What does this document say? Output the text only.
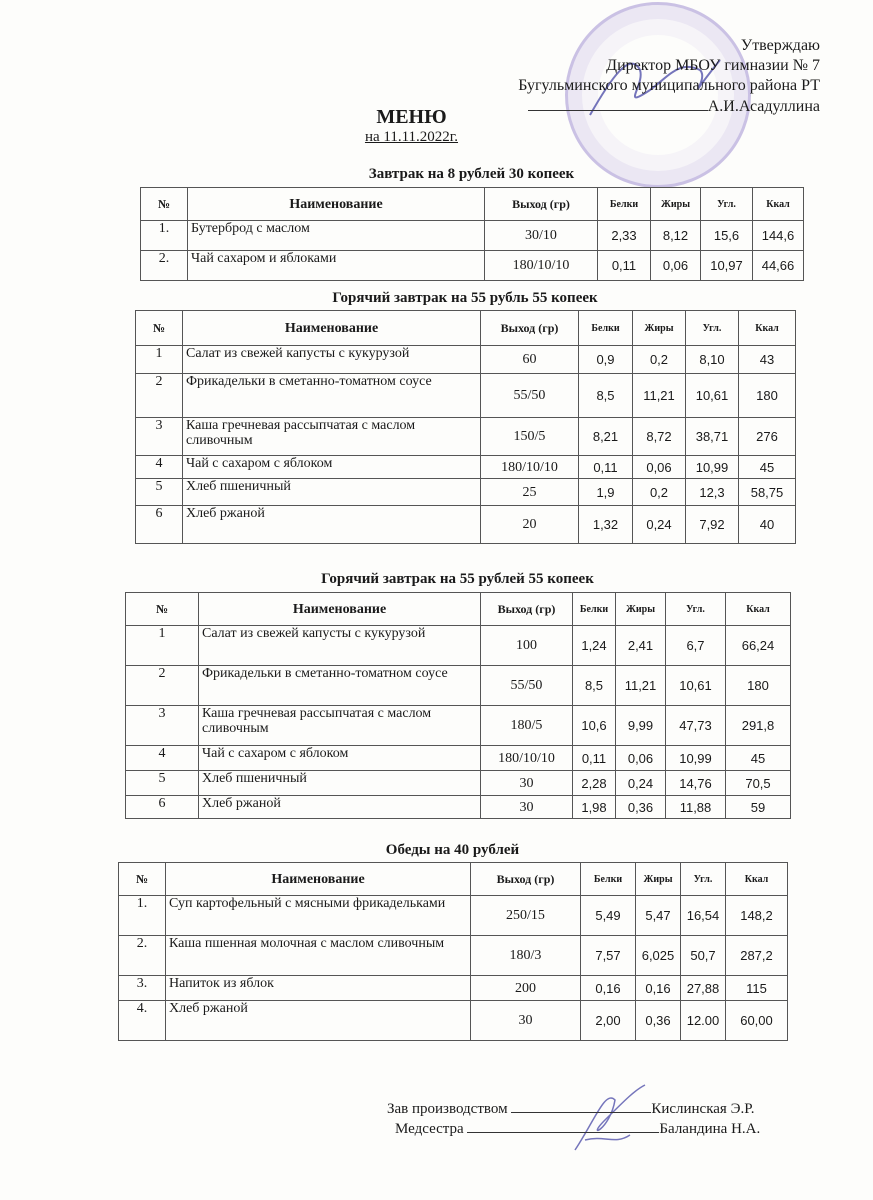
Утверждаю
Директор МБОУ гимназии № 7
Бугульминского муниципального района РТ
А.И.Асадуллина
МЕНЮ
на 11.11.2022г.
Завтрак на 8 рублей 30 копеек
№	Наименование	Выход (гр)	Белки	Жиры	Угл.	Ккал
1.	Бутерброд с маслом	30/10	2,33	8,12	15,6	144,6
2.	Чай сахаром и яблоками	180/10/10	0,11	0,06	10,97	44,66
Горячий завтрак на 55 рубль 55 копеек
№	Наименование	Выход (гр)	Белки	Жиры	Угл.	Ккал
1	Салат из свежей капусты с кукурузой	60	0,9	0,2	8,10	43
2	Фрикадельки в сметанно-томатном соусе	55/50	8,5	11,21	10,61	180
3	Каша гречневая рассыпчатая с маслом сливочным	150/5	8,21	8,72	38,71	276
4	Чай с сахаром с яблоком	180/10/10	0,11	0,06	10,99	45
5	Хлеб пшеничный	25	1,9	0,2	12,3	58,75
6	Хлеб ржаной	20	1,32	0,24	7,92	40
Горячий завтрак на 55 рублей 55 копеек
№	Наименование	Выход (гр)	Белки	Жиры	Угл.	Ккал
1	Салат из свежей капусты с кукурузой	100	1,24	2,41	6,7	66,24
2	Фрикадельки в сметанно-томатном соусе	55/50	8,5	11,21	10,61	180
3	Каша гречневая рассыпчатая с маслом сливочным	180/5	10,6	9,99	47,73	291,8
4	Чай с сахаром с яблоком	180/10/10	0,11	0,06	10,99	45
5	Хлеб пшеничный	30	2,28	0,24	14,76	70,5
6	Хлеб ржаной	30	1,98	0,36	11,88	59
Обеды на 40 рублей
№	Наименование	Выход (гр)	Белки	Жиры	Угл.	Ккал
1.	Суп картофельный с мясными фрикадельками	250/15	5,49	5,47	16,54	148,2
2.	Каша пшенная молочная с маслом сливочным	180/3	7,57	6,025	50,7	287,2
3.	Напиток из яблок	200	0,16	0,16	27,88	115
4.	Хлеб ржаной	30	2,00	0,36	12.00	60,00
Зав производством	Кислинская Э.Р.
Медсестра	Баландина Н.А.
